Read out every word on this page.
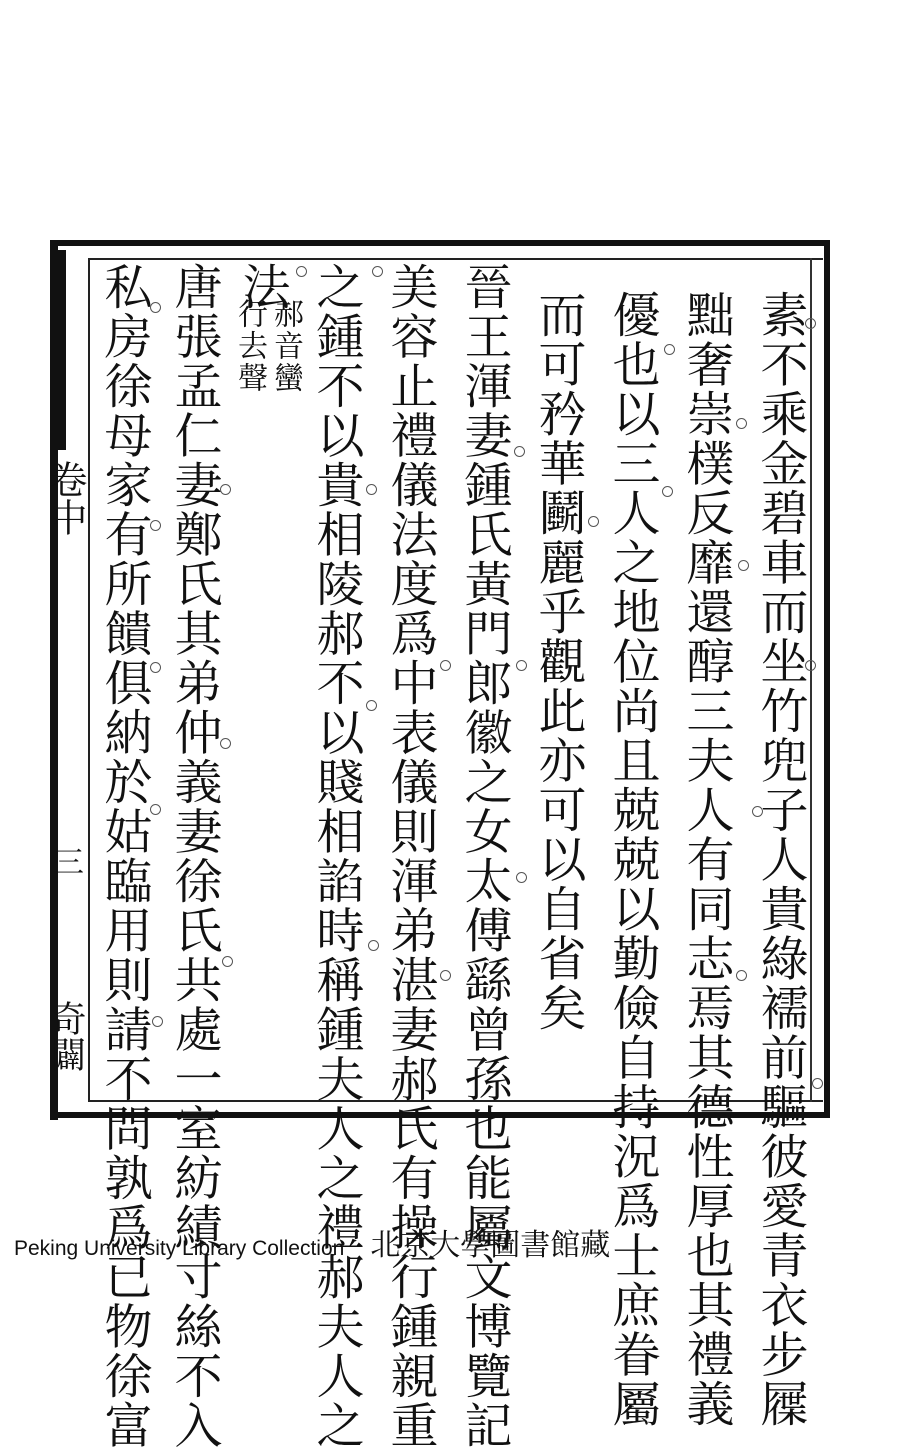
卷中
三
奇闢	素不乘金碧車而坐竹兜子人貴綠襦前驅彼愛青衣步屧
黜奢崇樸反靡還醇三夫人有同志焉其德性厚也其禮義
優也以三人之地位尚且兢兢以勤儉自持況爲士庶眷屬
而可矜華鬬麗乎觀此亦可以自省矣
晉王渾妻鍾氏黃門郎徽之女太傅繇曾孫也能屬文博覽記
美容止禮儀法度爲中表儀則渾弟湛妻郝氏有操行鍾親重
之鍾不以貴相陵郝不以賤相諂時稱鍾夫人之禮郝夫人之
法
唐張孟仁妻鄭氏其弟仲義妻徐氏共處一室紡績寸絲不入
私房徐母家有所饋俱納於姑臨用則請不問孰爲已物徐富	郝音蠻
行去聲
Peking University Library Collection 北京大學圖書館藏
